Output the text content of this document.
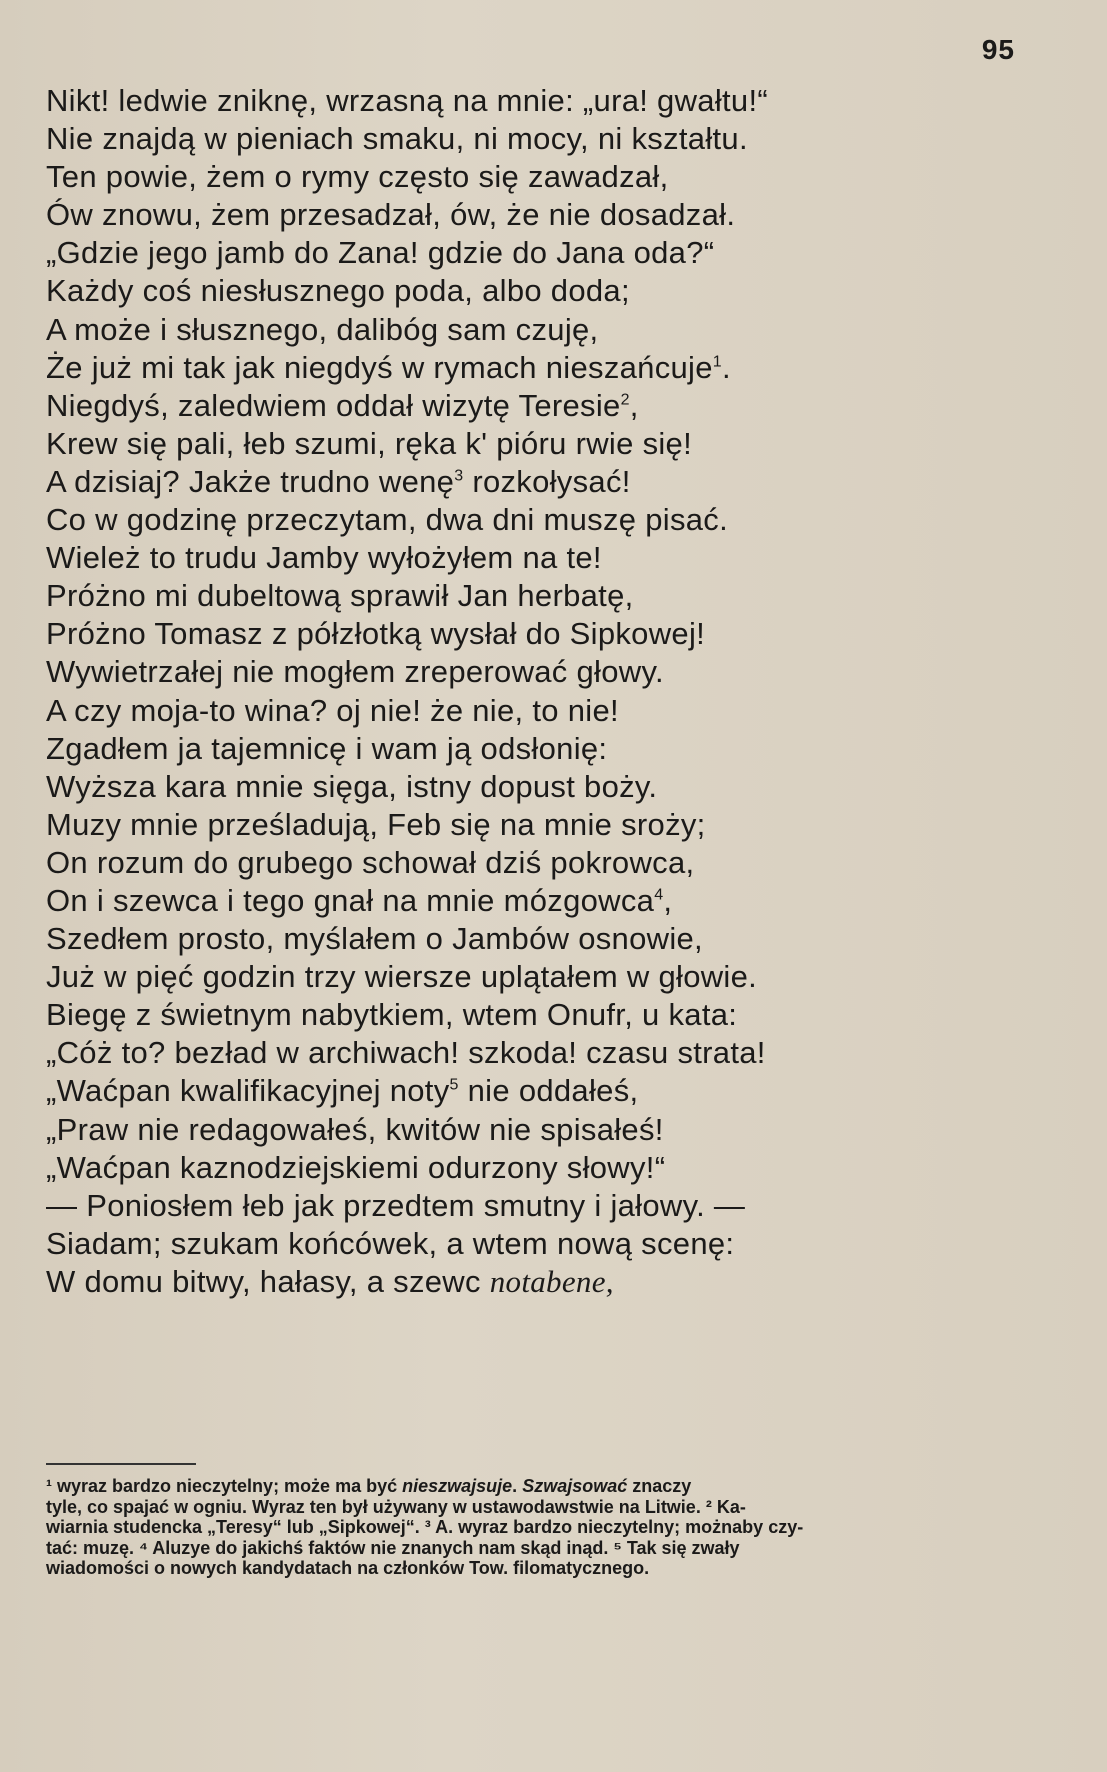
95
Nikt! ledwie zniknę, wrzasną na mnie: „ura! gwałtu!“
Nie znajdą w pieniach smaku, ni mocy, ni kształtu.
Ten powie, żem o rymy często się zawadzał,
Ów znowu, żem przesadzał, ów, że nie dosadzał.
„Gdzie jego jamb do Zana! gdzie do Jana oda?“
Każdy coś niesłusznego poda, albo doda;
A może i słusznego, dalibóg sam czuję,
Że już mi tak jak niegdyś w rymach nieszańcuje$^1$.
Niegdyś, zaledwiem oddał wizytę Teresie$^2$,
Krew się pali, łeb szumi, ręka k' pióru rwie się!
A dzisiaj? Jakże trudno wenę$^3$ rozkołysać!
Co w godzinę przeczytam, dwa dni muszę pisać.
Wieleż to trudu Jamby wyłożyłem na te!
Próżno mi dubeltową sprawił Jan herbatę,
Próżno Tomasz z półzłotką wysłał do Sipkowej!
Wywietrzałej nie mogłem zreperować głowy.
A czy moja-to wina? oj nie! że nie, to nie!
Zgadłem ja tajemnicę i wam ją odsłonię:
Wyższa kara mnie sięga, istny dopust boży.
Muzy mnie prześladują, Feb się na mnie sroży;
On rozum do grubego schował dziś pokrowca,
On i szewca i tego gnał na mnie mózgowca$^4$,
Szedłem prosto, myślałem o Jambów osnowie,
Już w pięć godzin trzy wiersze uplątałem w głowie.
Biegę z świetnym nabytkiem, wtem Onufr, u kata:
„Cóż to? bezład w archiwach! szkoda! czasu strata!
„Waćpan kwalifikacyjnej noty$^5$ nie oddałeś,
„Praw nie redagowałeś, kwitów nie spisałeś!
„Waćpan kaznodziejskiemi odurzony słowy!“
— Poniosłem łeb jak przedtem smutny i jałowy. —
Siadam; szukam końcówek, a wtem nową scenę:
W domu bitwy, hałasy, a szewc notabene,
¹ wyraz bardzo nieczytelny; może ma być nieszwajsuje. Szwajsować znaczy
tyle, co spajać w ogniu. Wyraz ten był używany w ustawodawstwie na Litwie. ² Ka-
wiarnia studencka „Teresy“ lub „Sipkowej“. ³ A. wyraz bardzo nieczytelny; możnaby czy-
tać: muzę. ⁴ Aluzye do jakichś faktów nie znanych nam skąd inąd. ⁵ Tak się zwały
wiadomości o nowych kandydatach na członków Tow. filomatycznego.
